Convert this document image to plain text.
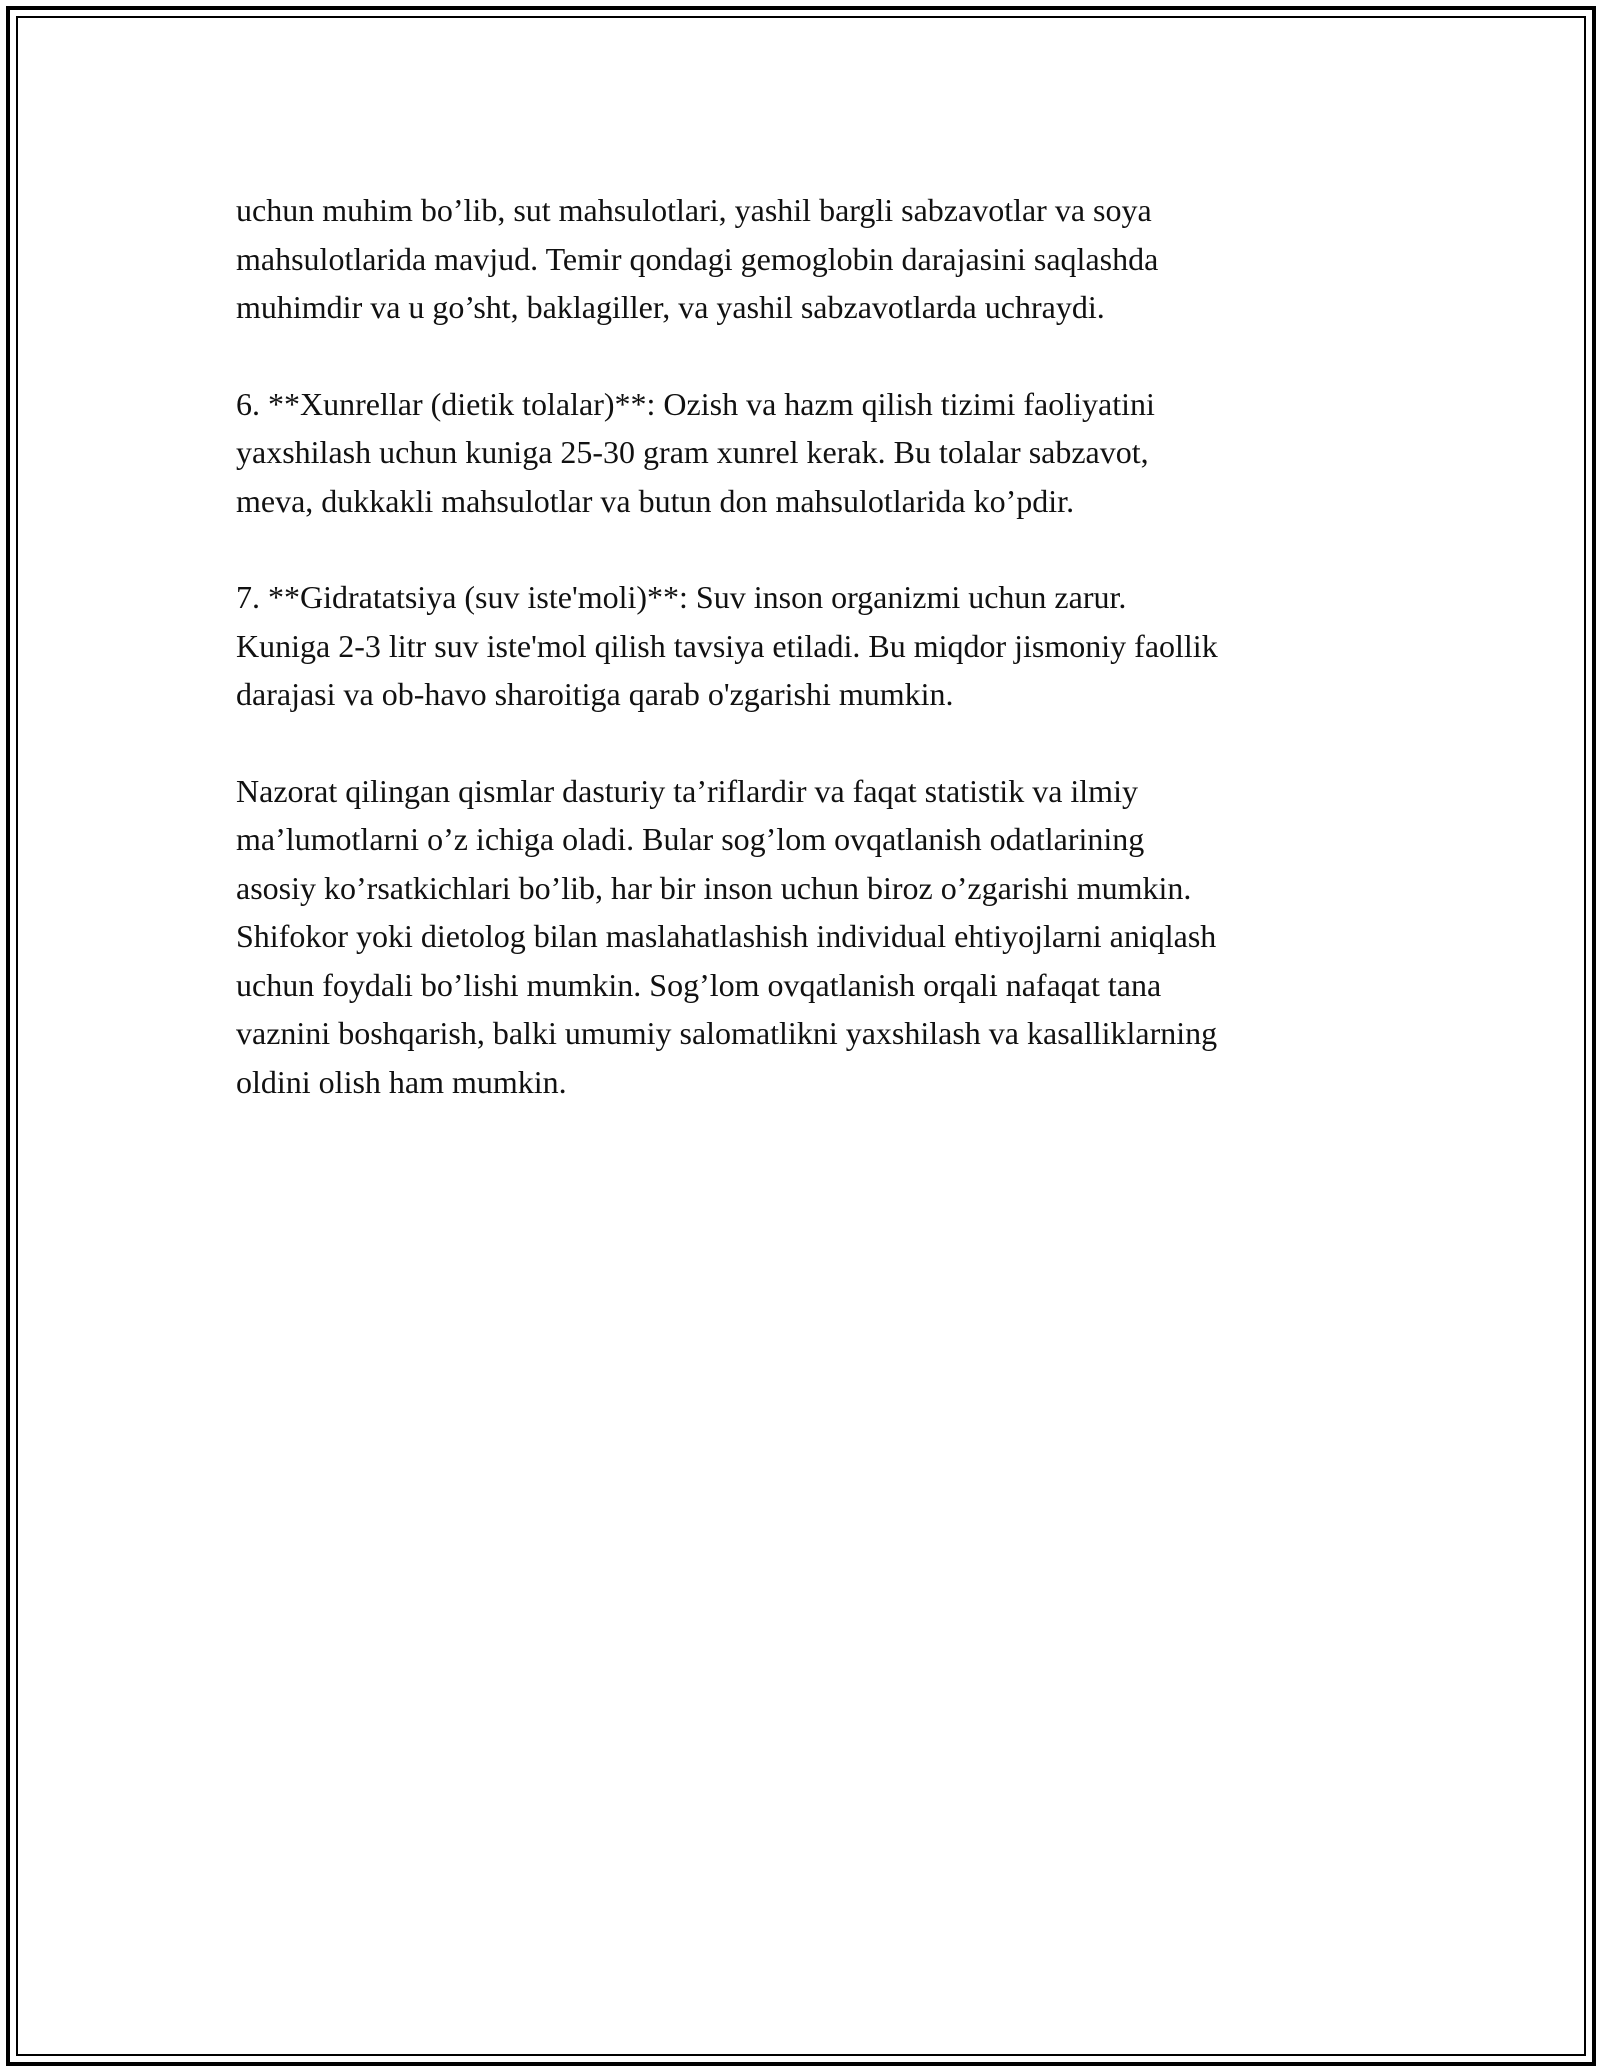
uchun muhim bo’lib, sut mahsulotlari, yashil bargli sabzavotlar va soya
mahsulotlarida mavjud. Temir qondagi gemoglobin darajasini saqlashda
muhimdir va u go’sht, baklagiller, va yashil sabzavotlarda uchraydi.

6. **Xunrellar (dietik tolalar)**: Ozish va hazm qilish tizimi faoliyatini
yaxshilash uchun kuniga 25-30 gram xunrel kerak. Bu tolalar sabzavot,
meva, dukkakli mahsulotlar va butun don mahsulotlarida ko’pdir.

7. **Gidratatsiya (suv iste'moli)**: Suv inson organizmi uchun zarur.
Kuniga 2-3 litr suv iste'mol qilish tavsiya etiladi. Bu miqdor jismoniy faollik
darajasi va ob-havo sharoitiga qarab o'zgarishi mumkin.

Nazorat qilingan qismlar dasturiy ta’riflardir va faqat statistik va ilmiy
ma’lumotlarni o’z ichiga oladi. Bular sog’lom ovqatlanish odatlarining
asosiy ko’rsatkichlari bo’lib, har bir inson uchun biroz o’zgarishi mumkin.
Shifokor yoki dietolog bilan maslahatlashish individual ehtiyojlarni aniqlash
uchun foydali bo’lishi mumkin. Sog’lom ovqatlanish orqali nafaqat tana
vaznini boshqarish, balki umumiy salomatlikni yaxshilash va kasalliklarning
oldini olish ham mumkin.
